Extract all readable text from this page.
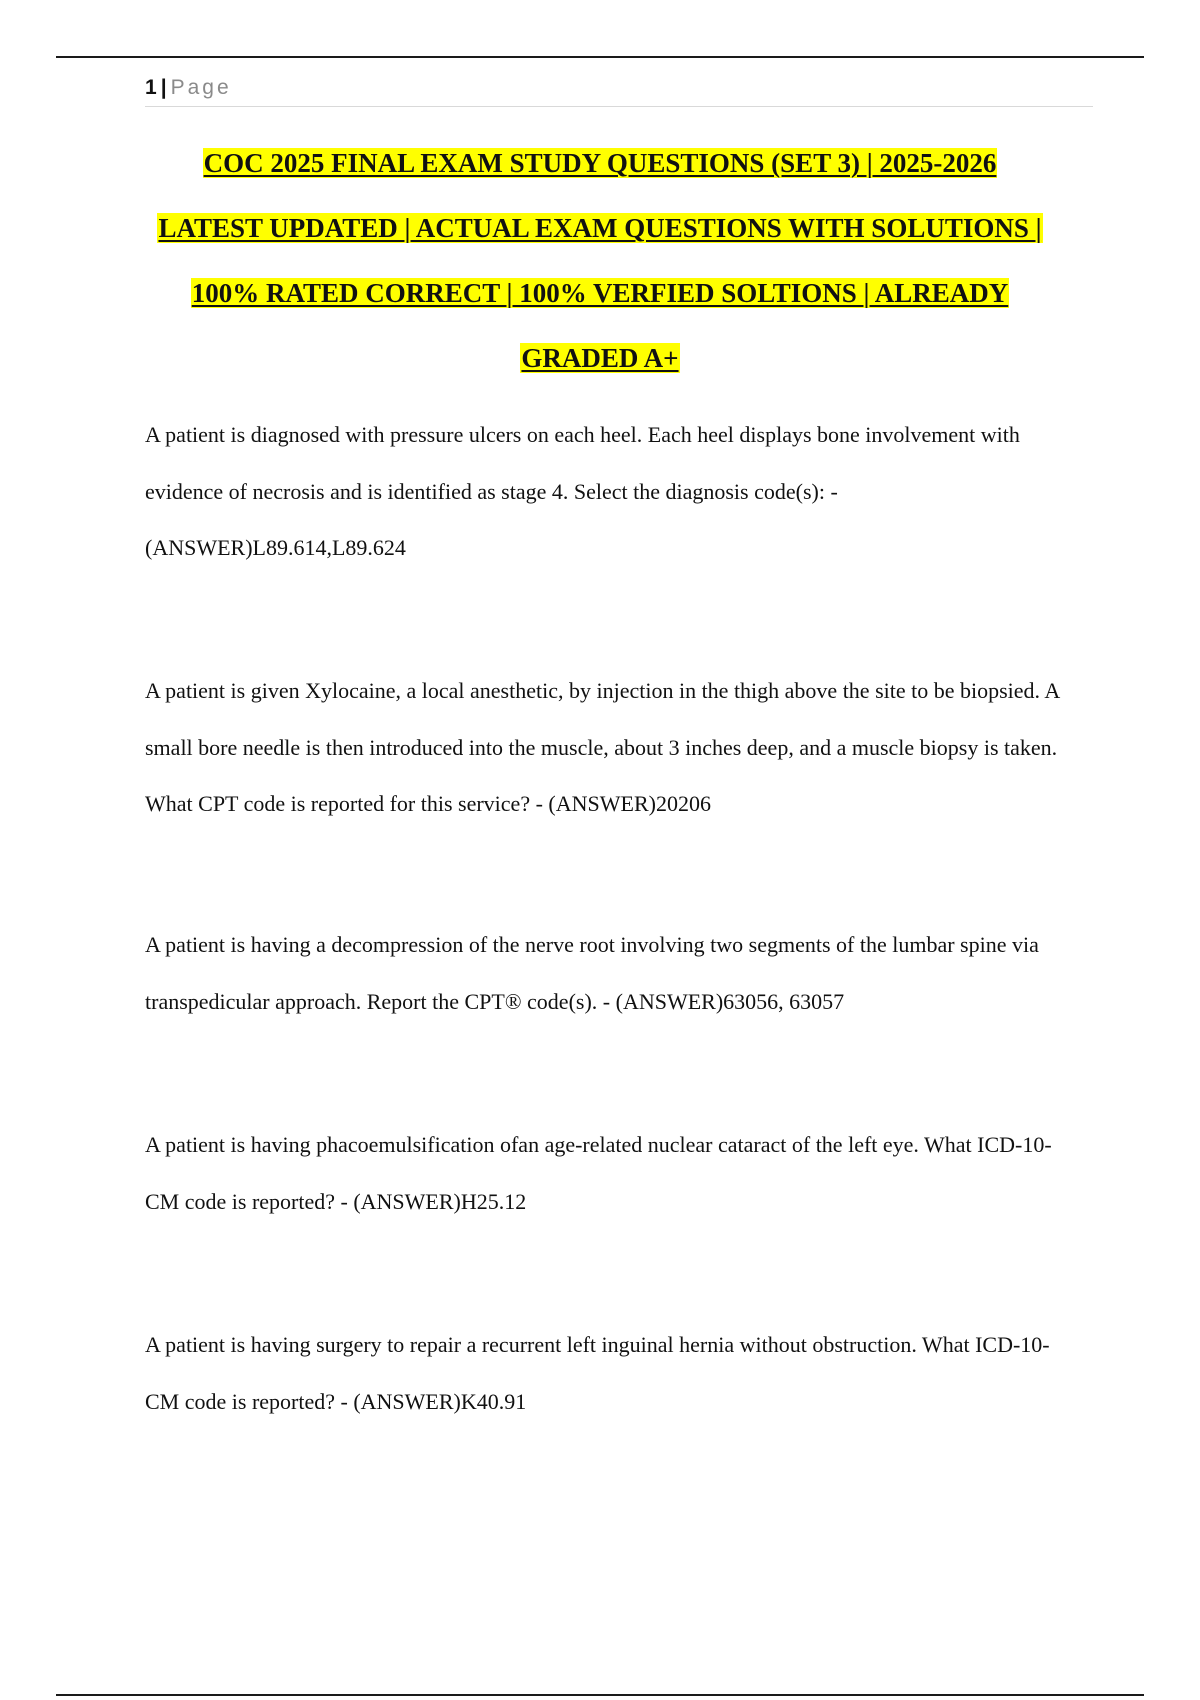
1 | Page
COC 2025 FINAL EXAM STUDY QUESTIONS (SET 3) | 2025-2026
LATEST UPDATED | ACTUAL EXAM QUESTIONS WITH SOLUTIONS |
100% RATED CORRECT | 100% VERFIED SOLTIONS | ALREADY
GRADED A+

A patient is diagnosed with pressure ulcers on each heel. Each heel displays bone involvement with evidence of necrosis and is identified as stage 4. Select the diagnosis code(s): - (ANSWER)L89.614,L89.624

A patient is given Xylocaine, a local anesthetic, by injection in the thigh above the site to be biopsied. A small bore needle is then introduced into the muscle, about 3 inches deep, and a muscle biopsy is taken. What CPT code is reported for this service? - (ANSWER)20206

A patient is having a decompression of the nerve root involving two segments of the lumbar spine via transpedicular approach. Report the CPT® code(s). - (ANSWER)63056, 63057

A patient is having phacoemulsification ofan age-related nuclear cataract of the left eye. What ICD-10-CM code is reported? - (ANSWER)H25.12

A patient is having surgery to repair a recurrent left inguinal hernia without obstruction. What ICD-10-CM code is reported? - (ANSWER)K40.91
